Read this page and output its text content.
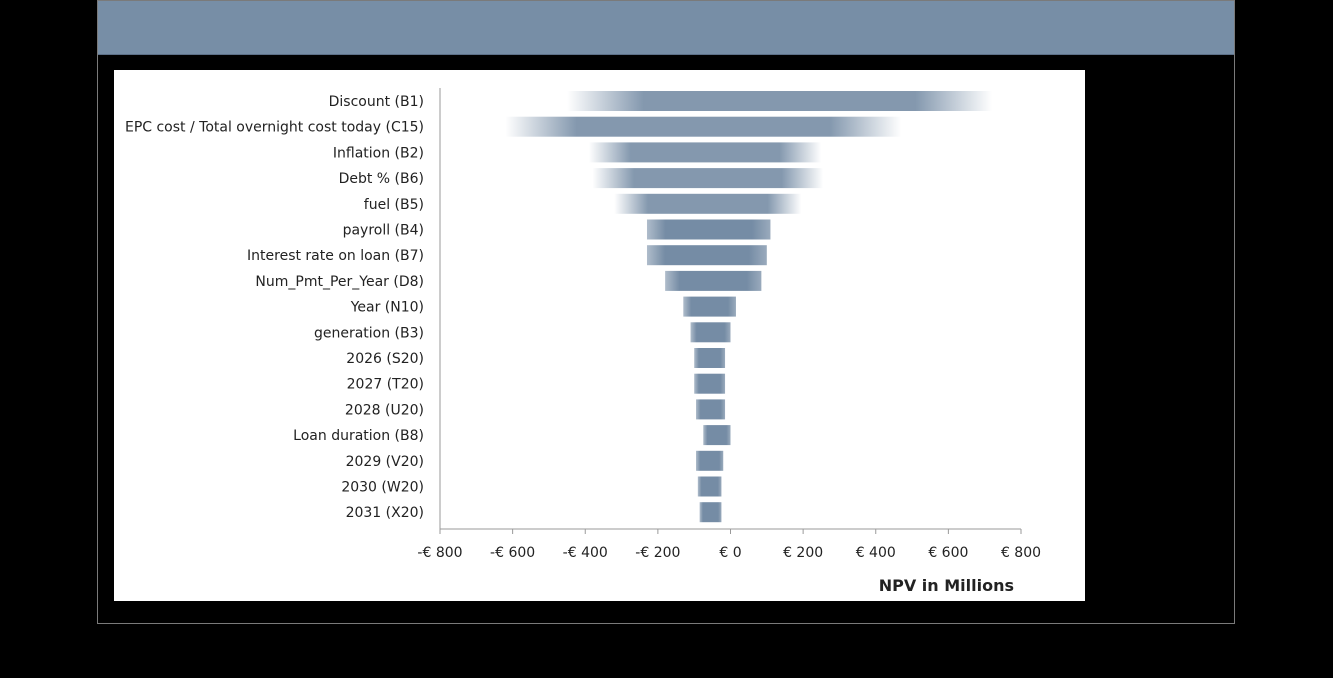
Discount (B1)
EPC cost / Total overnight cost today (C15)
Inflation (B2)
Debt % (B6)
fuel (B5)
payroll (B4)
Interest rate on loan (B7)
Num_Pmt_Per_Year (D8)
Year (N10)
generation (B3)
2026 (S20)
2027 (T20)
2028 (U20)
Loan duration (B8)
2029 (V20)
2030 (W20)
2031 (X20)
-€ 800 -€ 600 -€ 400 -€ 200	€ 0	€ 200 € 400 € 600 € 800
NPV in Millions
